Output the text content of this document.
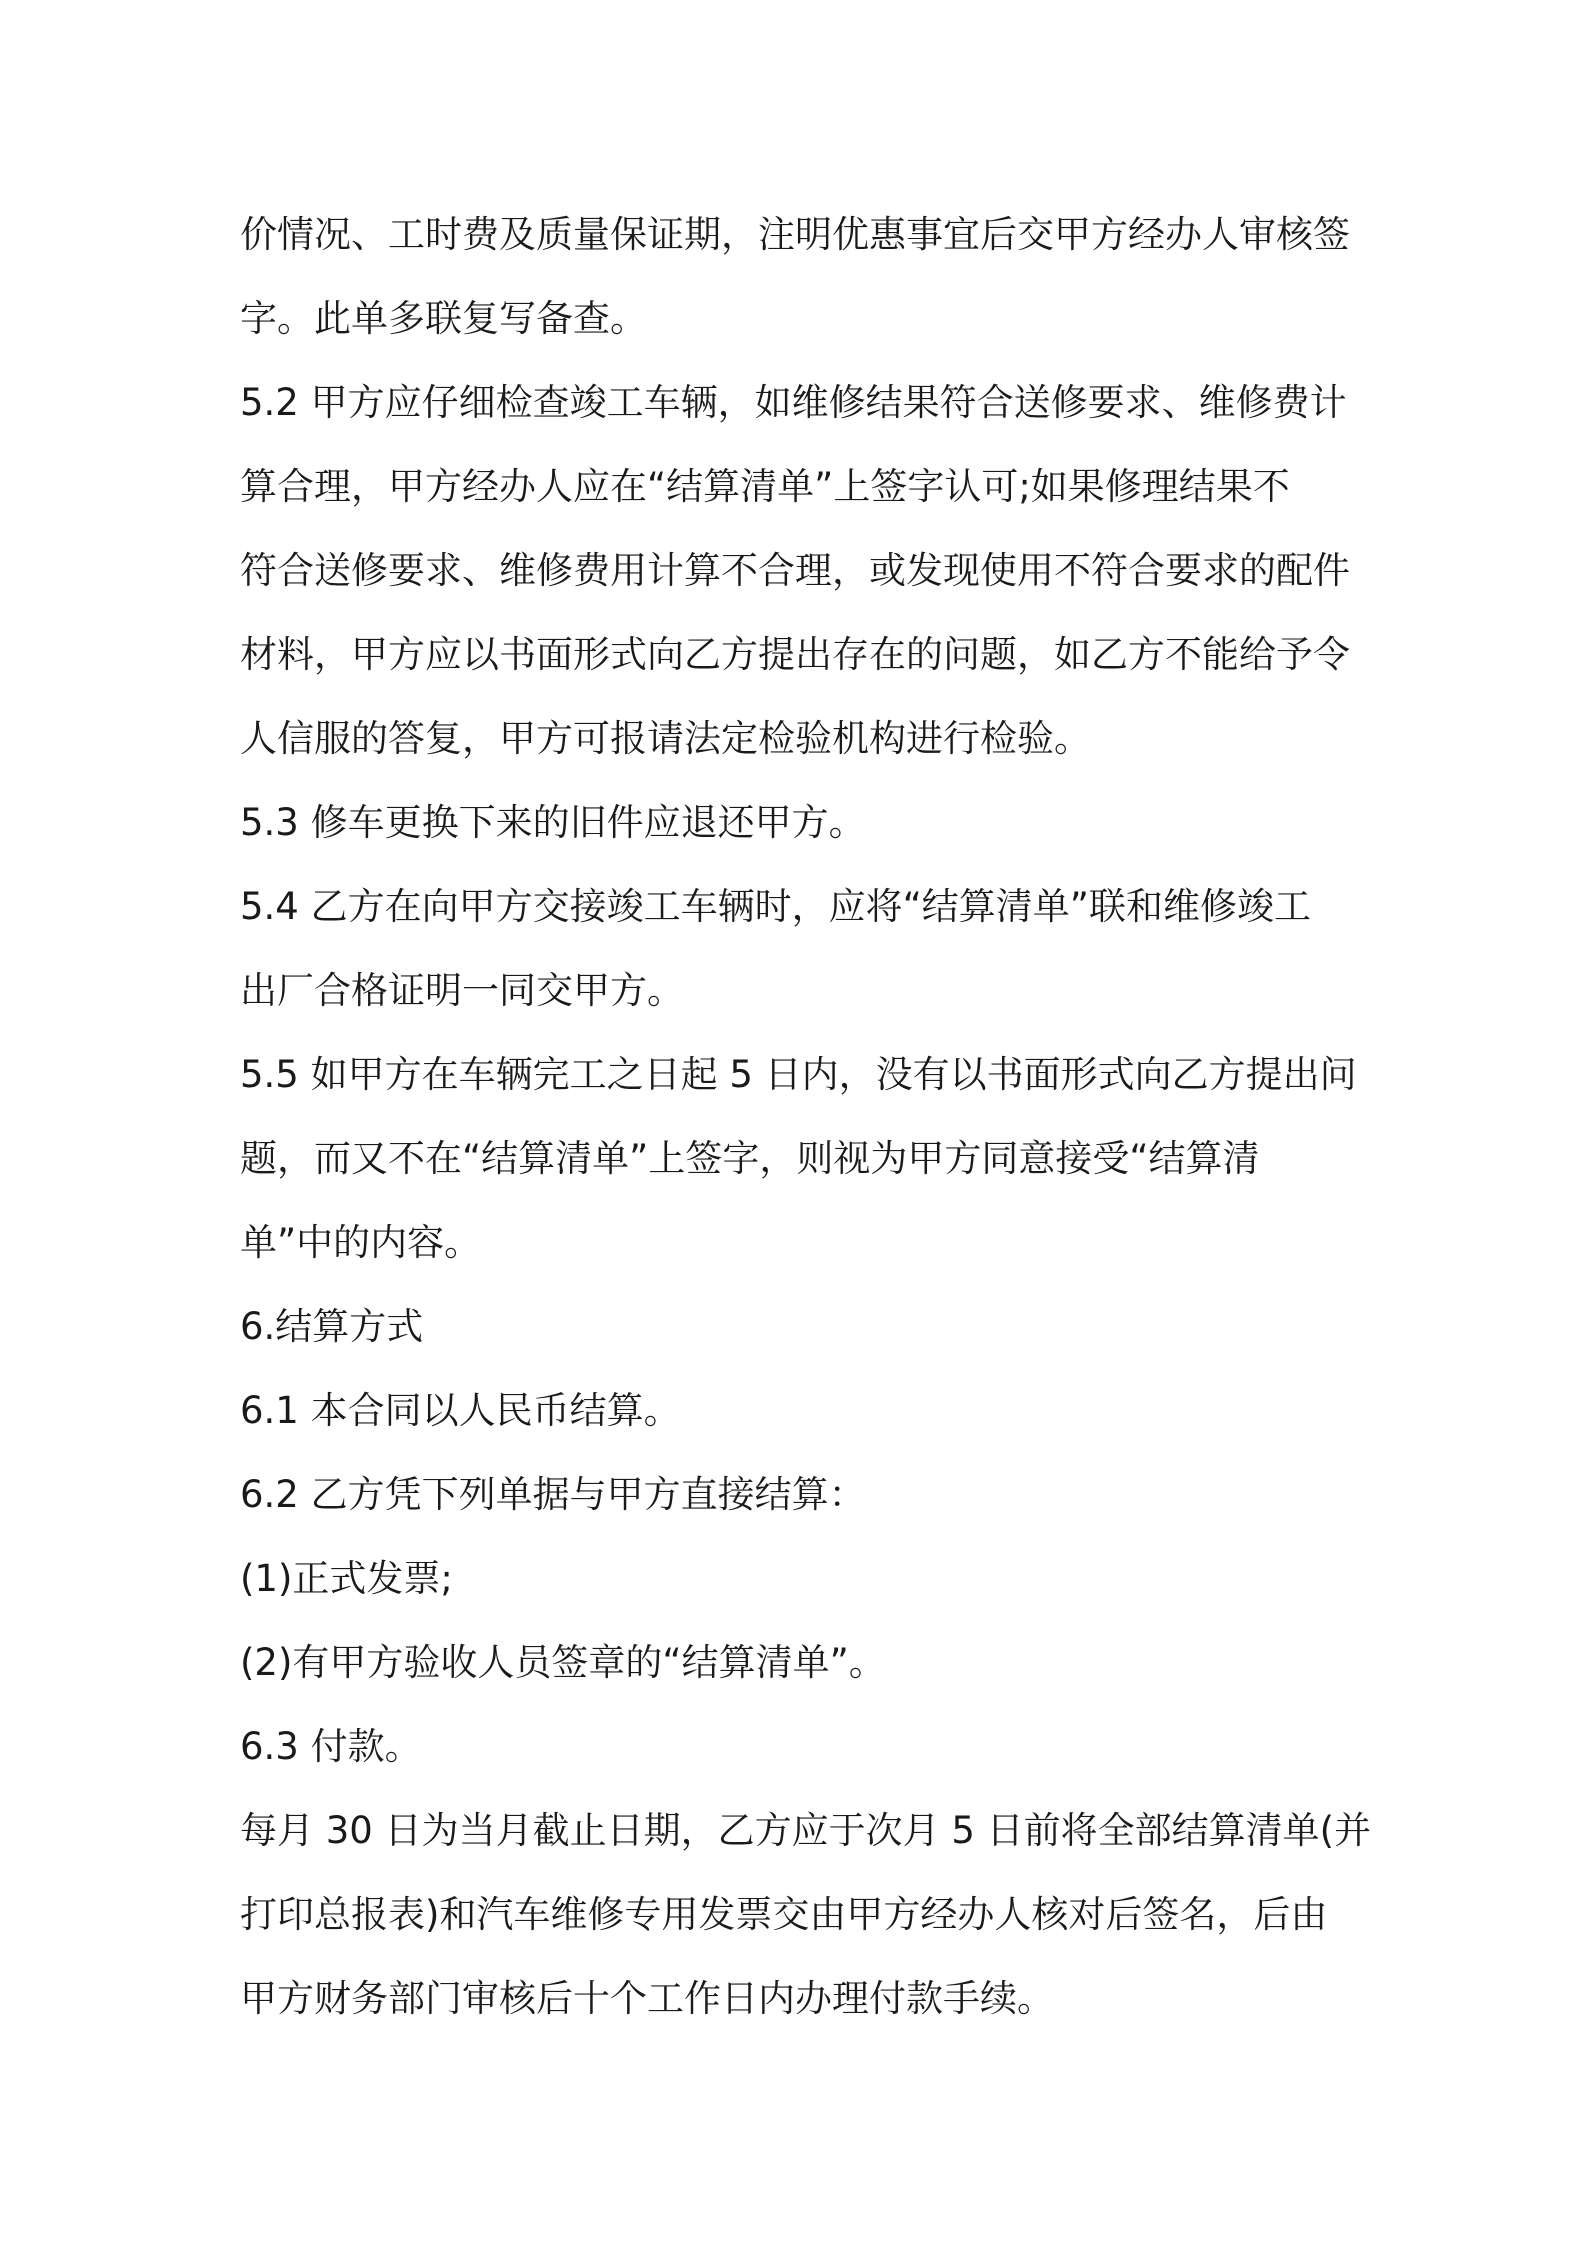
价情况、工时费及质量保证期，注明优惠事宜后交甲方经办人审核签
字。此单多联复写备查。
5.2 甲方应仔细检查竣工车辆，如维修结果符合送修要求、维修费计
算合理，甲方经办人应在“结算清单”上签字认可;如果修理结果不
符合送修要求、维修费用计算不合理，或发现使用不符合要求的配件
材料，甲方应以书面形式向乙方提出存在的问题，如乙方不能给予令
人信服的答复，甲方可报请法定检验机构进行检验。
5.3 修车更换下来的旧件应退还甲方。
5.4 乙方在向甲方交接竣工车辆时，应将“结算清单”联和维修竣工
出厂合格证明一同交甲方。
5.5 如甲方在车辆完工之日起 5 日内，没有以书面形式向乙方提出问
题，而又不在“结算清单”上签字，则视为甲方同意接受“结算清
单”中的内容。
6.结算方式
6.1 本合同以人民币结算。
6.2 乙方凭下列单据与甲方直接结算：
(1)正式发票;
(2)有甲方验收人员签章的“结算清单”。
6.3 付款。
每月 30 日为当月截止日期，乙方应于次月 5 日前将全部结算清单(并
打印总报表)和汽车维修专用发票交由甲方经办人核对后签名，后由
甲方财务部门审核后十个工作日内办理付款手续。
